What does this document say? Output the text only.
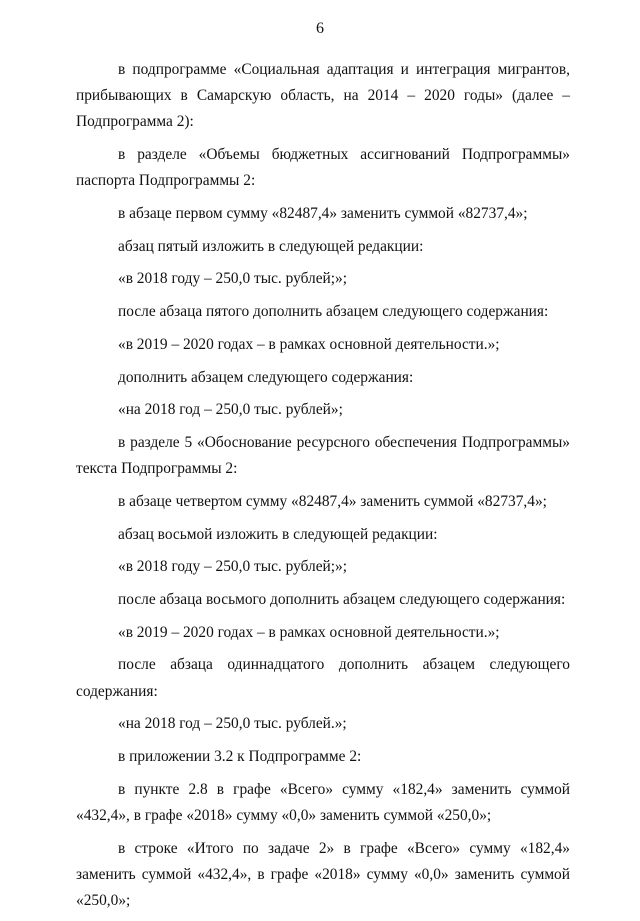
6

в подпрограмме «Социальная адаптация и интеграция мигрантов, прибывающих в Самарскую область, на 2014 – 2020 годы» (далее – Подпрограмма 2):

в разделе «Объемы бюджетных ассигнований Подпрограммы» паспорта Подпрограммы 2:

в абзаце первом сумму «82487,4» заменить суммой «82737,4»;

абзац пятый изложить в следующей редакции:

«в 2018 году – 250,0 тыс. рублей;»;

после абзаца пятого дополнить абзацем следующего содержания:

«в 2019 – 2020 годах – в рамках основной деятельности.»;

дополнить абзацем следующего содержания:

«на 2018 год – 250,0 тыс. рублей»;

в разделе 5 «Обоснование ресурсного обеспечения Подпрограммы» текста Подпрограммы 2:

в абзаце четвертом сумму «82487,4» заменить суммой «82737,4»;

абзац восьмой изложить в следующей редакции:

«в 2018 году – 250,0 тыс. рублей;»;

после абзаца восьмого дополнить абзацем следующего содержания:

«в 2019 – 2020 годах – в рамках основной деятельности.»;

после абзаца одиннадцатого дополнить абзацем следующего содержания:

«на 2018 год – 250,0 тыс. рублей.»;

в приложении 3.2 к Подпрограмме 2:

в пункте 2.8 в графе «Всего» сумму «182,4» заменить суммой «432,4», в графе «2018» сумму «0,0» заменить суммой «250,0»;

в строке «Итого по задаче 2» в графе «Всего» сумму «182,4» заменить суммой «432,4», в графе «2018» сумму «0,0» заменить суммой «250,0»;
